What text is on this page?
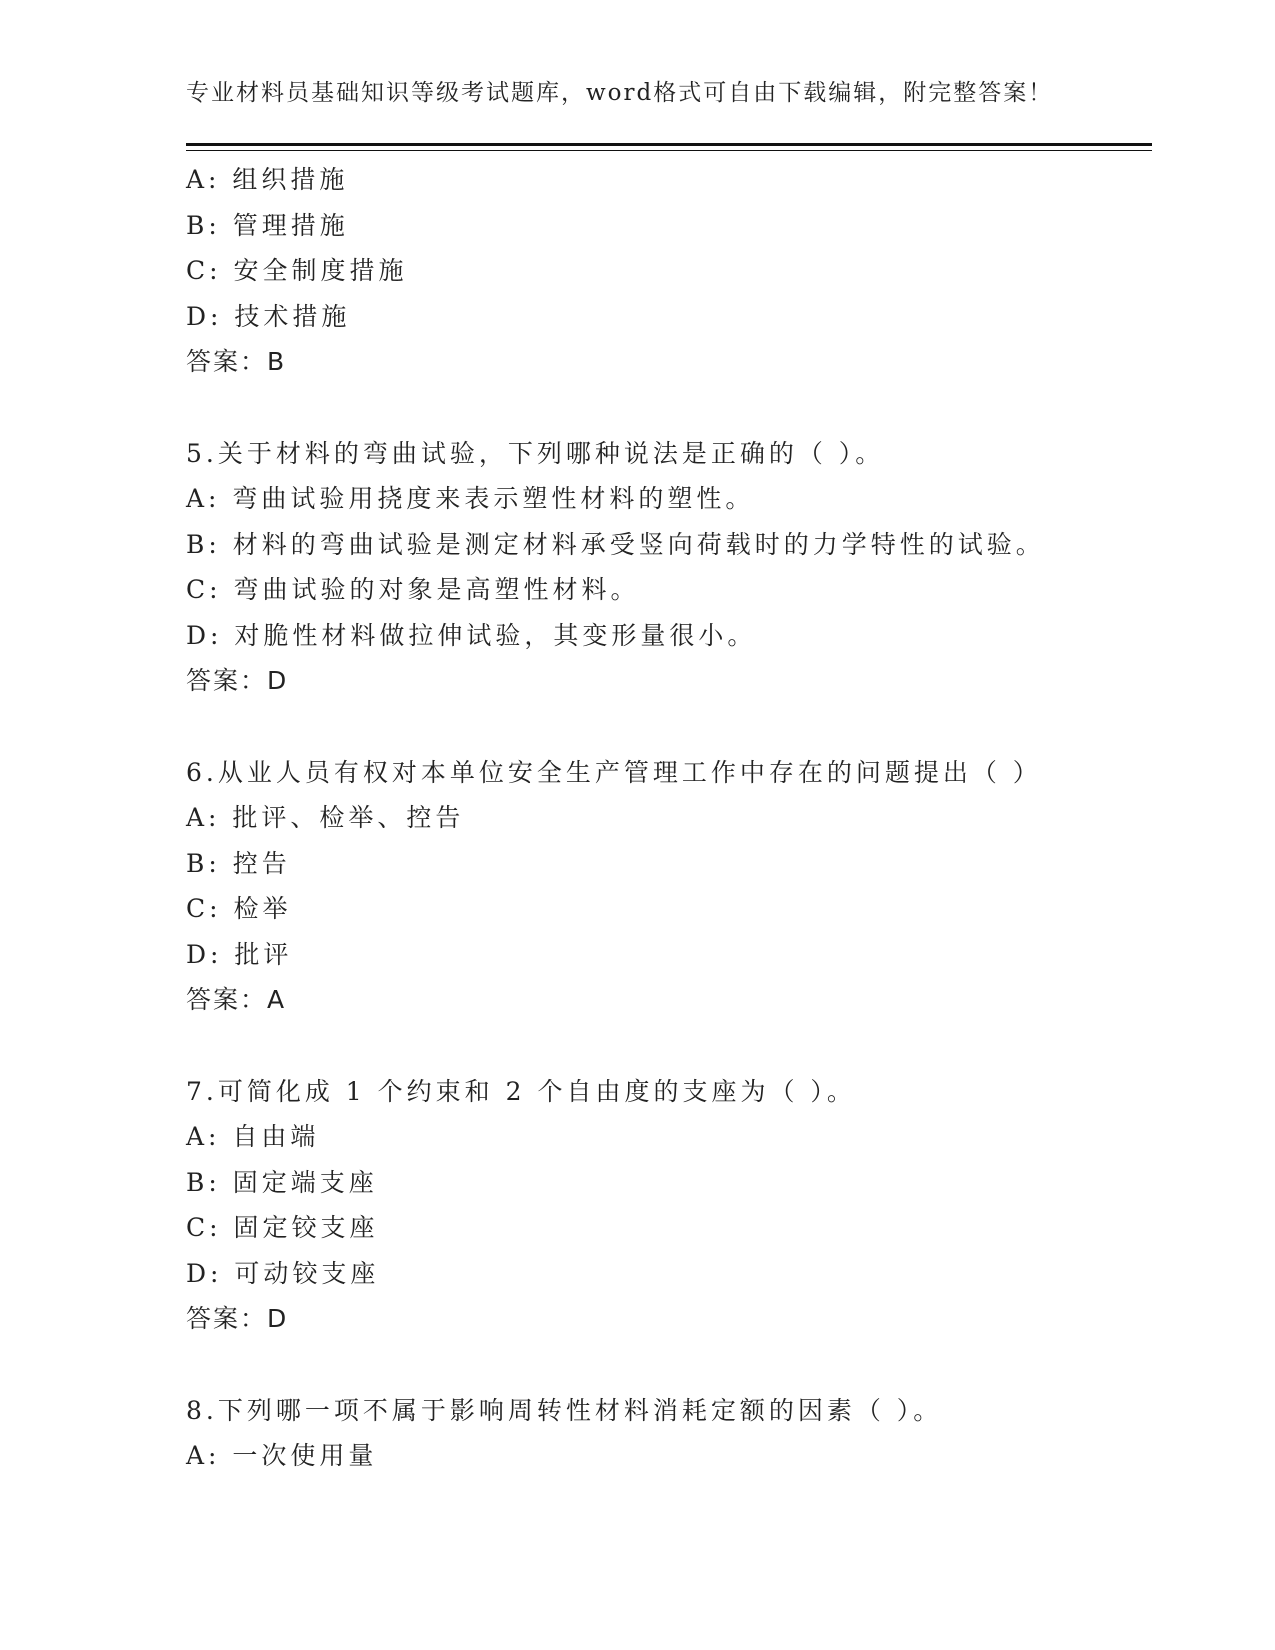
专业材料员基础知识等级考试题库，word格式可自由下载编辑，附完整答案！
A: 组织措施
B: 管理措施
C: 安全制度措施
D: 技术措施
答案：B
5.关于材料的弯曲试验，下列哪种说法是正确的（ ）。
A: 弯曲试验用挠度来表示塑性材料的塑性。
B: 材料的弯曲试验是测定材料承受竖向荷载时的力学特性的试验。
C: 弯曲试验的对象是高塑性材料。
D: 对脆性材料做拉伸试验，其变形量很小。
答案：D
6.从业人员有权对本单位安全生产管理工作中存在的问题提出（ ）
A: 批评、检举、控告
B: 控告
C: 检举
D: 批评
答案：A
7.可简化成 1 个约束和 2 个自由度的支座为（ ）。
A: 自由端
B: 固定端支座
C: 固定铰支座
D: 可动铰支座
答案：D
8.下列哪一项不属于影响周转性材料消耗定额的因素（ ）。
A: 一次使用量
